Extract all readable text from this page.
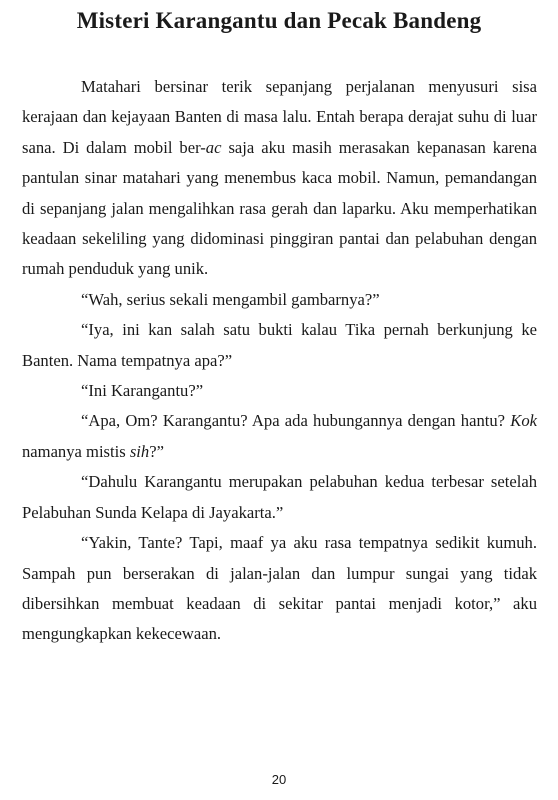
Misteri Karangantu dan Pecak Bandeng

Matahari bersinar terik sepanjang perjalanan menyusuri sisa kerajaan dan kejayaan Banten di masa lalu. Entah berapa derajat suhu di luar sana. Di dalam mobil ber-ac saja aku masih merasakan kepanasan karena pantulan sinar matahari yang menembus kaca mobil. Namun, pemandangan di sepanjang jalan mengalihkan rasa gerah dan laparku. Aku memperhatikan keadaan sekeliling yang didominasi pinggiran pantai dan pelabuhan dengan rumah penduduk yang unik.

“Wah, serius sekali mengambil gambarnya?”

“Iya, ini kan salah satu bukti kalau Tika pernah berkunjung ke Banten. Nama tempatnya apa?”

“Ini Karangantu?”

“Apa, Om? Karangantu? Apa ada hubungannya dengan hantu? Kok namanya mistis sih?”

“Dahulu Karangantu merupakan pelabuhan kedua terbesar setelah Pelabuhan Sunda Kelapa di Jayakarta.”

“Yakin, Tante? Tapi, maaf ya aku rasa tempatnya sedikit kumuh. Sampah pun berserakan di jalan-jalan dan lumpur sungai yang tidak dibersihkan membuat keadaan di sekitar pantai menjadi kotor,” aku mengungkapkan kekecewaan.

20
